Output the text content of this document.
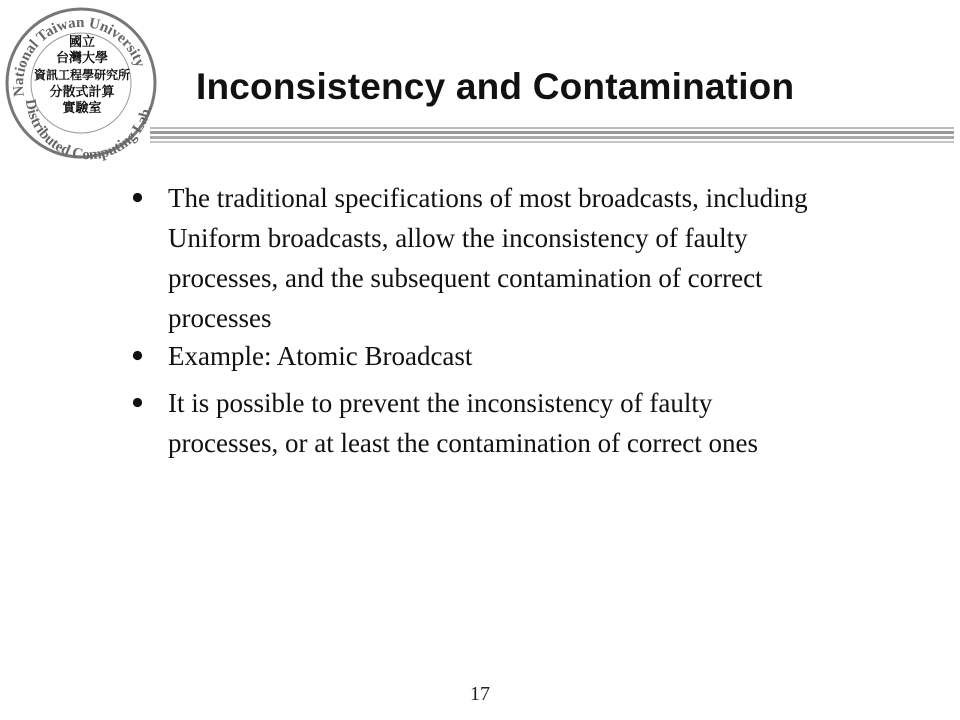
National Taiwan University
Distributed Computing Lab.
國立
台灣大學
資訊工程學研究所
分散式計算
實驗室
Inconsistency and Contamination
The traditional specifications of most broadcasts, including
Uniform broadcasts, allow the inconsistency of faulty
processes, and the subsequent contamination of correct
processes
Example: Atomic Broadcast
It is possible to prevent the inconsistency of faulty
processes, or at least the contamination of correct ones
17
